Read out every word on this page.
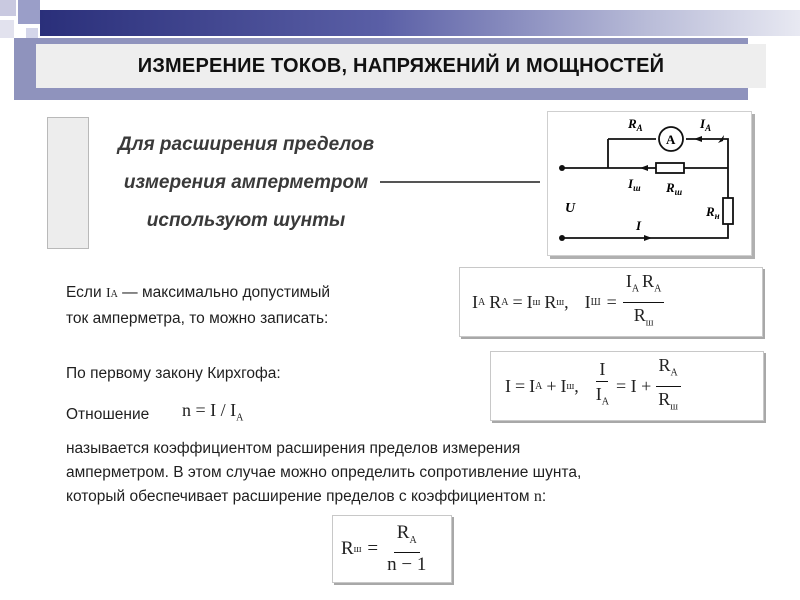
ИЗМЕРЕНИЕ ТОКОВ, НАПРЯЖЕНИЙ И МОЩНОСТЕЙ
Для расширения пределов
измерения амперметром
используют шунты
$R_A$
A
$I_A$
$I_ш$ $R_ш$
U	$R_н$
I
Если IA — максимально допустимый
ток амперметра, то можно записать:
I A R A = I ш R ш , I $Ш = \frac{I_A R_A}{R_ш}$
По первому закону Кирхгофа:
I = I A + I ш , $\frac{I}{I_A} = I + \frac{R_A}{R_ш}$
Отношение $n = I / I_A$
называется коэффициентом расширения пределов измерения
амперметром. В этом случае можно определить сопротивление шунта,
который обеспечивает расширение пределов с коэффициентом n:
R $ш = \frac{R_A}{n - 1}$
